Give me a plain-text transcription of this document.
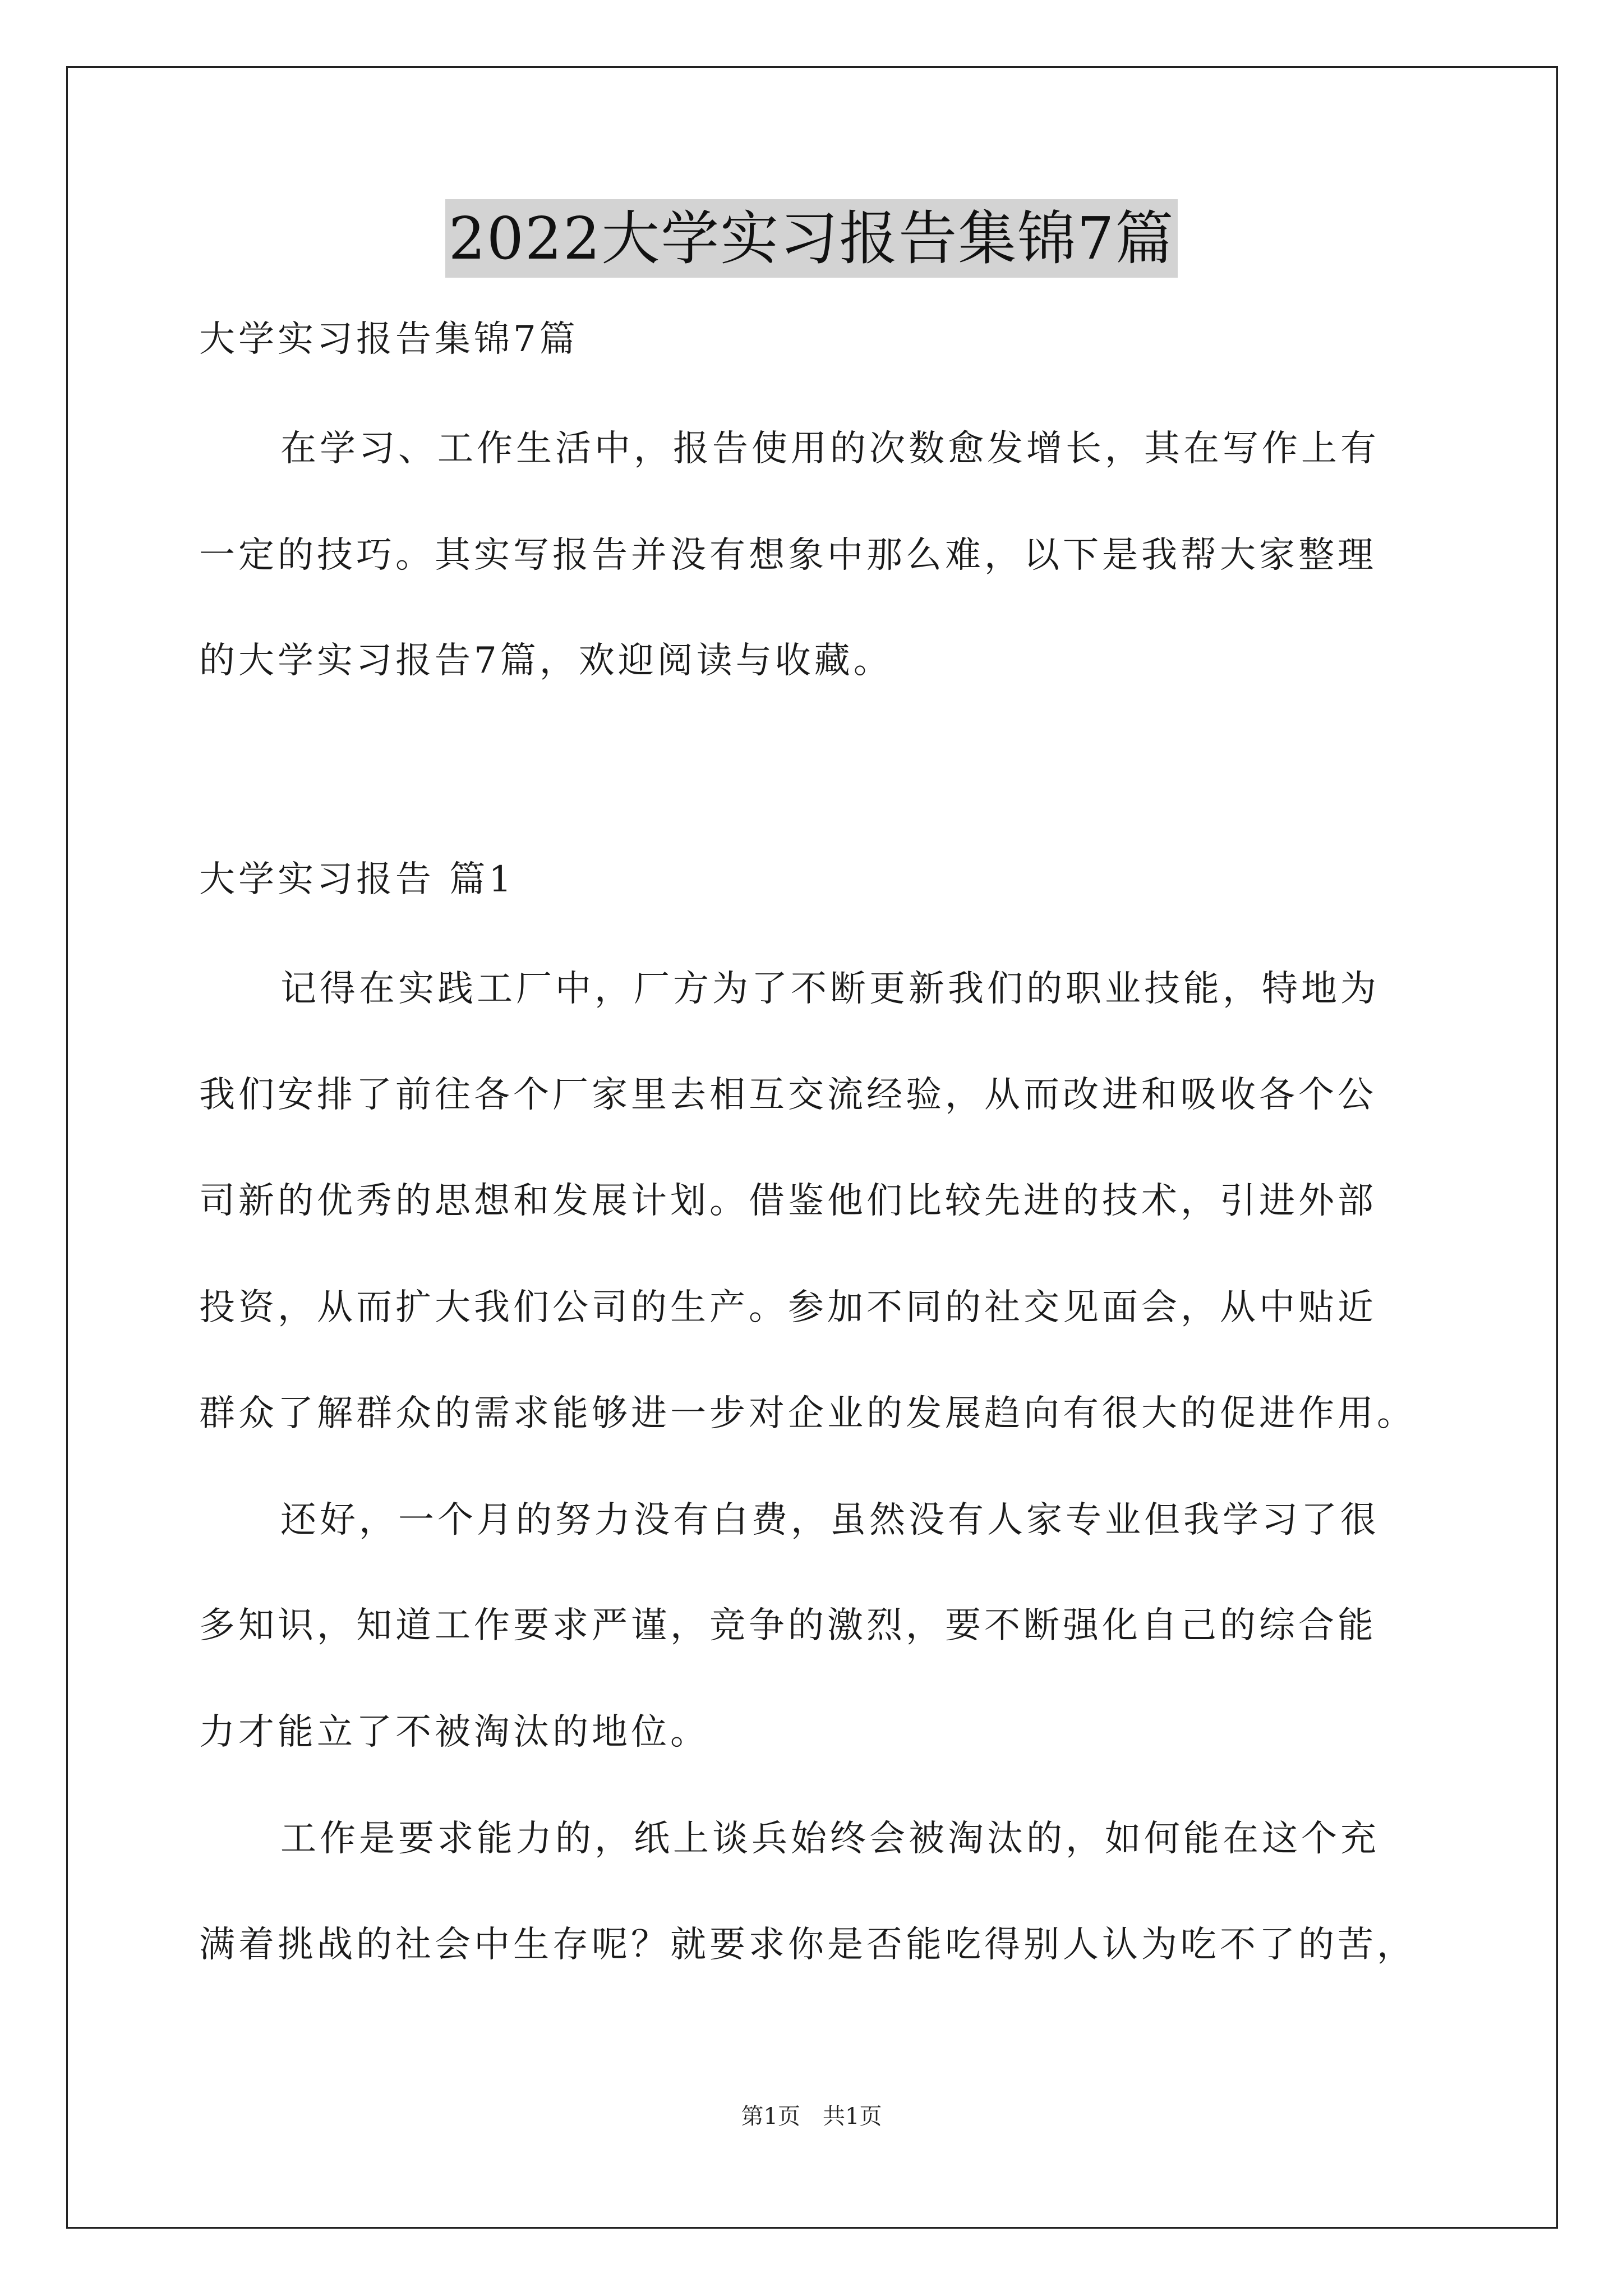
2022大学实习报告集锦7篇
大学实习报告集锦7篇
在学习、工作生活中，报告使用的次数愈发增长，其在写作上有
一定的技巧。其实写报告并没有想象中那么难，以下是我帮大家整理
的大学实习报告7篇，欢迎阅读与收藏。
大学实习报告 篇1
记得在实践工厂中，厂方为了不断更新我们的职业技能，特地为
我们安排了前往各个厂家里去相互交流经验，从而改进和吸收各个公
司新的优秀的思想和发展计划。借鉴他们比较先进的技术，引进外部
投资，从而扩大我们公司的生产。参加不同的社交见面会，从中贴近
群众了解群众的需求能够进一步对企业的发展趋向有很大的促进作用。
还好，一个月的努力没有白费，虽然没有人家专业但我学习了很
多知识，知道工作要求严谨，竞争的激烈，要不断强化自己的综合能
力才能立了不被淘汰的地位。
工作是要求能力的，纸上谈兵始终会被淘汰的，如何能在这个充
满着挑战的社会中生存呢？就要求你是否能吃得别人认为吃不了的苦，
第1页　共1页
